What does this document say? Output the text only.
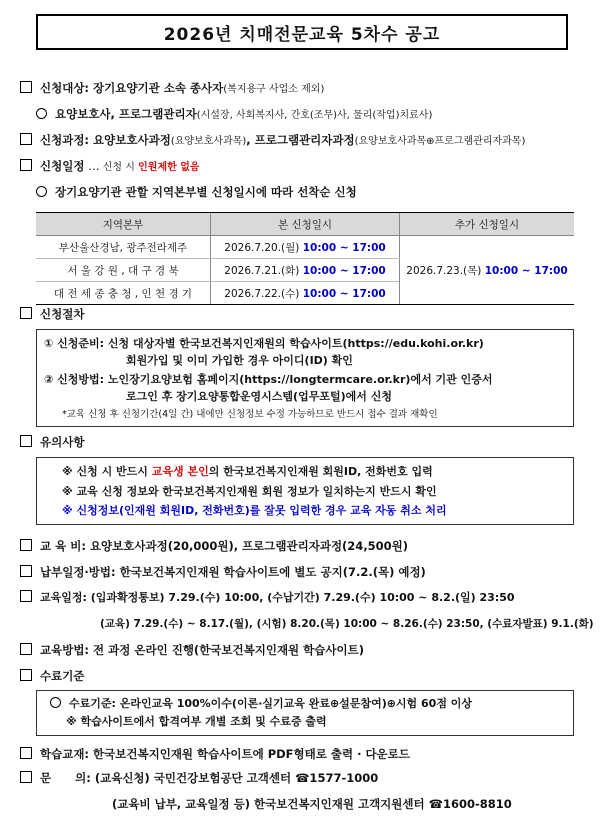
2026년 치매전문교육 5차수 공고
신청대상: 장기요양기관 소속 종사자(복지용구 사업소 제외)
요양보호사, 프로그램관리자(시설장, 사회복지사, 간호(조무)사, 물리(작업)치료사)
신청과정: 요양보호사과정(요양보호사과목), 프로그램관리자과정(요양보호사과목⊕프로그램관리자과목)
신청일정 … 신청 시 인원제한 없음
장기요양기관 관할 지역본부별 신청일시에 따라 선착순 신청
지역본부	본 신청일시	추가 신청일시
부산울산경남, 광주전라제주	2026.7.20.(월) 10:00 ~ 17:00	2026.7.23.(목) 10:00 ~ 17:00
서 울 강 원 , 대 구 경 북	2026.7.21.(화) 10:00 ~ 17:00	
대 전 세 종 충 청 , 인 천 경 기	2026.7.22.(수) 10:00 ~ 17:00	
신청절차
① 신청준비: 신청 대상자별 한국보건복지인재원의 학습사이트(https://edu.kohi.or.kr)
회원가입 및 이미 가입한 경우 아이디(ID) 확인
② 신청방법: 노인장기요양보험 홈페이지(https://longtermcare.or.kr)에서 기관 인증서
로그인 후 장기요양통합운영시스템(업무포털)에서 신청
*교육 신청 후 신청기간(4일 간) 내에만 신청정보 수정 가능하므로 반드시 접수 결과 재확인
유의사항
※ 신청 시 반드시 교육생 본인의 한국보건복지인재원 회원ID, 전화번호 입력
※ 교육 신청 정보와 한국보건복지인재원 회원 정보가 일치하는지 반드시 확인
※ 신청정보(인재원 회원ID, 전화번호)를 잘못 입력한 경우 교육 자동 취소 처리
교 육 비: 요양보호사과정(20,000원), 프로그램관리자과정(24,500원)
납부일정·방법: 한국보건복지인재원 학습사이트에 별도 공지(7.2.(목) 예정)
교육일정: (입과확정통보) 7.29.(수) 10:00, (수납기간) 7.29.(수) 10:00 ~ 8.2.(일) 23:50
(교육) 7.29.(수) ~ 8.17.(월), (시험) 8.20.(목) 10:00 ~ 8.26.(수) 23:50, (수료자발표) 9.1.(화)
교육방법: 전 과정 온라인 진행(한국보건복지인재원 학습사이트)
수료기준
수료기준: 온라인교육 100%이수(이론·실기교육 완료⊕설문참여)⊕시험 60점 이상
※ 학습사이트에서 합격여부 개별 조회 및 수료증 출력
학습교재: 한국보건복지인재원 학습사이트에 PDF형태로 출력 · 다운로드
문      의: (교육신청) 국민건강보험공단 고객센터 ☎1577-1000
(교육비 납부, 교육일정 등) 한국보건복지인재원 고객지원센터 ☎1600-8810
